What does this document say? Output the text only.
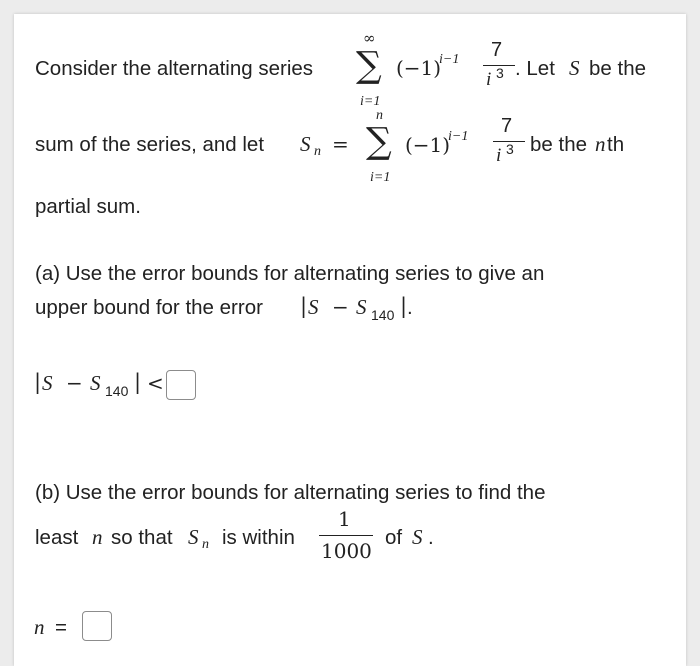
Consider the alternating series
∞
∑
i=1
(−1)
i−1 7
i 3 . Let S be the
sum of the series, and let S n =
n
∑
i=1
(−1)
i−1 7
i 3 be the n th
partial sum.
(a) Use the error bounds for alternating series to give an
upper bound for the error | S − S 140 | .
| S − S 140 | <
(b) Use the error bounds for alternating series to find the
least n so that S n is within
1
1000
of S .
n =
